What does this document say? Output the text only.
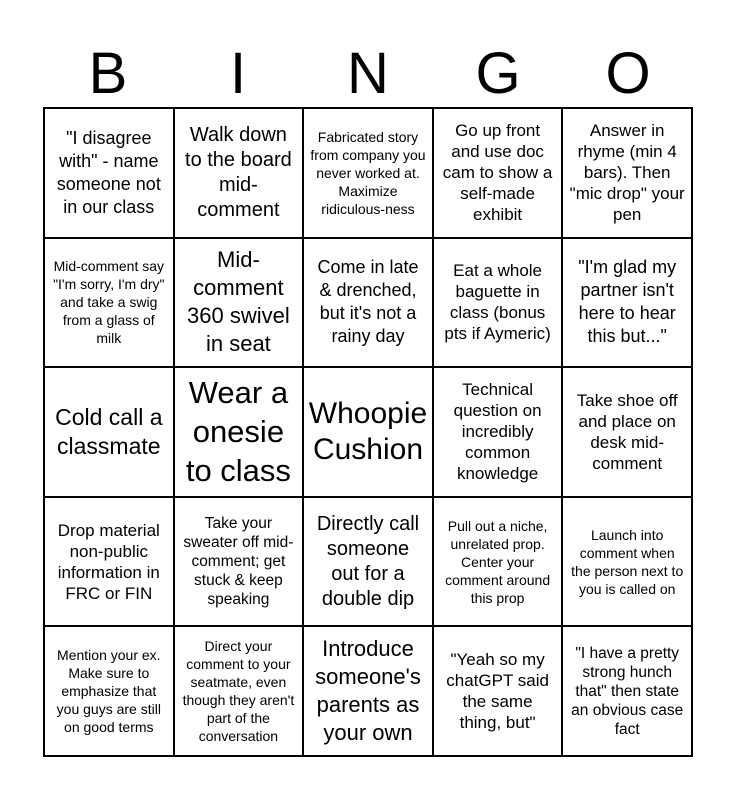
B	I	N	G	O
"I disagree with" - name someone not in our class
Walk down to the board mid-comment
Fabricated story from company you never worked at. Maximize ridiculous-ness
Go up front and use doc cam to show a self-made exhibit
Answer in rhyme (min 4 bars). Then "mic drop" your pen
Mid-comment say "I'm sorry, I'm dry" and take a swig from a glass of milk
Mid-comment 360 swivel in seat
Come in late & drenched, but it's not a rainy day
Eat a whole baguette in class (bonus pts if Aymeric)
"I'm glad my partner isn't here to hear this but..."
Cold call a classmate
Wear a onesie to class
Whoopie Cushion
Technical question on incredibly common knowledge
Take shoe off and place on desk mid-comment
Drop material non-public information in FRC or FIN
Take your sweater off mid-comment; get stuck & keep speaking
Directly call someone out for a double dip
Pull out a niche, unrelated prop. Center your comment around this prop
Launch into comment when the person next to you is called on
Mention your ex. Make sure to emphasize that you guys are still on good terms
Direct your comment to your seatmate, even though they aren't part of the conversation
Introduce someone's parents as your own
"Yeah so my chatGPT said the same thing, but"
"I have a pretty strong hunch that" then state an obvious case fact
